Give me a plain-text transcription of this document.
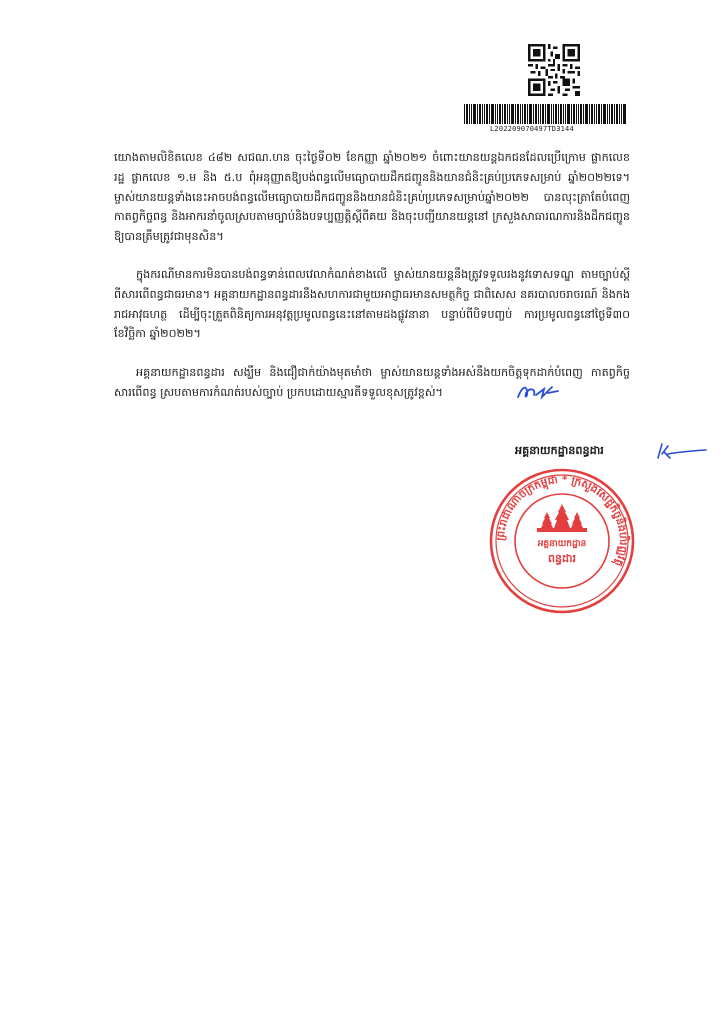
L202209070497TD3144
យោងតាមលិខិតលេខ ៤៨២ សជណ.ហន ចុះថ្ងៃទី០២ ខែកញ្ញា ឆ្នាំ២០២១ ចំពោះយានយន្តឯកជនដែលប្រើក្រោម ផ្លាកលេខ រដ្ឋ ផ្លាកលេខ ១.ម និង ៥.ប ពុំអនុញ្ញាតឱ្យបង់ពន្ធលើមធ្យោបាយដឹកជញ្ជូននិងយានជំនិះគ្រប់ប្រភេទសម្រាប់ ឆ្នាំ២០២២ទេ។ ម្ចាស់យានយន្តទាំងនេះអាចបង់ពន្ធលើមធ្យោបាយដឹកជញ្ជូននិងយានជំនិះគ្រប់ប្រភេទសម្រាប់ឆ្នាំ២០២២ បានលុះត្រាតែបំពេញកាតព្វកិច្ចពន្ធ និងអាករនាំចូលស្របតាមច្បាប់និងបទប្បញ្ញត្តិស្តីពីគយ និងចុះបញ្ជីយានយន្តនៅ ក្រសួងសាធារណការនិងដឹកជញ្ជូន ឱ្យបានត្រឹមត្រូវជាមុនសិន។
ក្នុងករណីមានការមិនបានបង់ពន្ធទាន់ពេលវេលាកំណត់ខាងលើ ម្ចាស់យានយន្តនឹងត្រូវទទួលរងនូវទោសទណ្ឌ តាមច្បាប់ស្តីពីសារពើពន្ធជាធរមាន។ អគ្គនាយកដ្ឋានពន្ធដារនឹងសហការជាមួយអាជ្ញាធរមានសមត្ថកិច្ច ជាពិសេស នគរបាលចរាចរណ៍ និងកងរាជអាវុធហត្ថ ដើម្បីចុះត្រួតពិនិត្យការអនុវត្តប្រមូលពន្ធនេះនៅតាមដងផ្លូវនានា បន្ទាប់ពីបិទបញ្ចប់ ការប្រមូលពន្ធនៅថ្ងៃទី៣០ ខែវិច្ឆិកា ឆ្នាំ២០២២។
អគ្គនាយកដ្ឋានពន្ធដារ សង្ឃឹម និងជឿជាក់យ៉ាងមុតមាំថា ម្ចាស់យានយន្តទាំងអស់នឹងយកចិត្តទុកដាក់បំពេញ កាតព្វកិច្ចសារពើពន្ធ ស្របតាមការកំណត់របស់ច្បាប់ ប្រកបដោយស្មារតីទទួលខុសត្រូវខ្ពស់។
អគ្គនាយកដ្ឋានពន្ធដារ
ព្រះរាជាណាចក្រកម្ពុជា * ក្រសួងសេដ្ឋកិច្ចនិងហិរញ្ញវត្ថុ
អគ្គនាយកដ្ឋាន
ពន្ធដារ
